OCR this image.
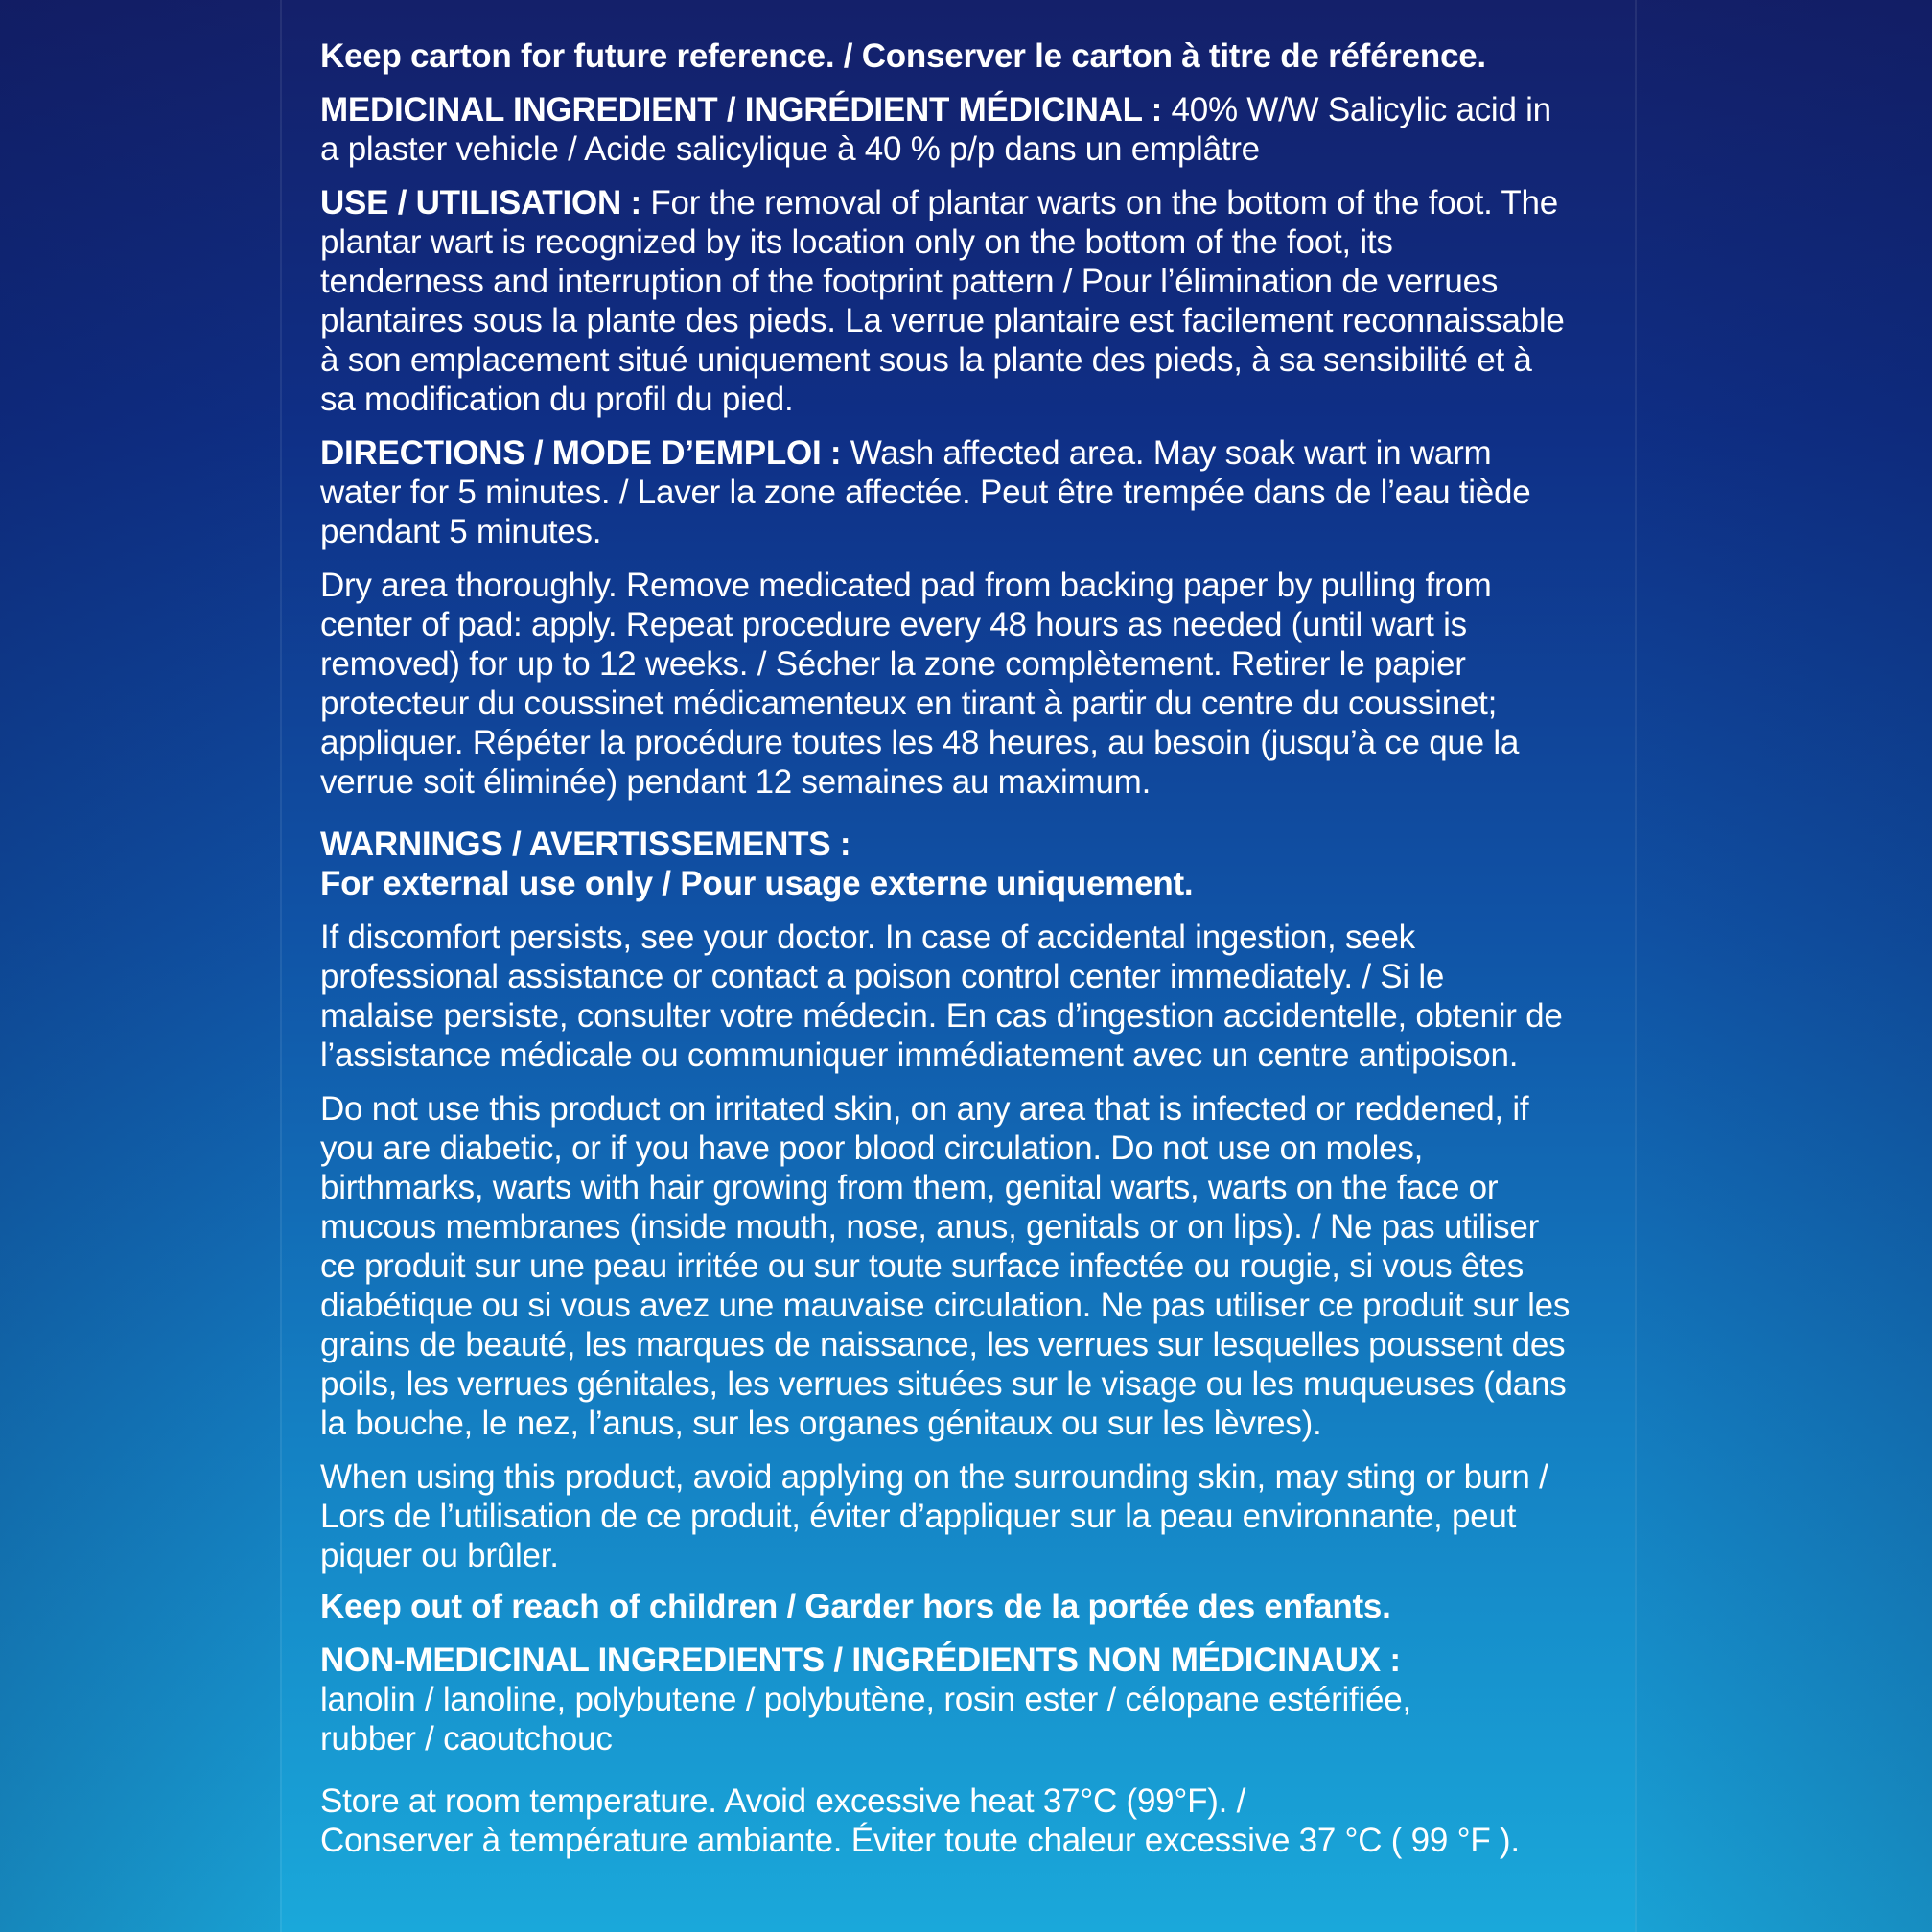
Keep carton for future reference. / Conserver le carton à titre de référence.
MEDICINAL INGREDIENT / INGRÉDIENT MÉDICINAL : 40% W/W Salicylic acid in
a plaster vehicle / Acide salicylique à 40 % p/p dans un emplâtre
USE / UTILISATION : For the removal of plantar warts on the bottom of the foot. The
plantar wart is recognized by its location only on the bottom of the foot, its
tenderness and interruption of the footprint pattern / Pour l’élimination de verrues
plantaires sous la plante des pieds. La verrue plantaire est facilement reconnaissable
à son emplacement situé uniquement sous la plante des pieds, à sa sensibilité et à
sa modification du profil du pied.
DIRECTIONS / MODE D’EMPLOI : Wash affected area. May soak wart in warm
water for 5 minutes. / Laver la zone affectée. Peut être trempée dans de l’eau tiède
pendant 5 minutes.
Dry area thoroughly. Remove medicated pad from backing paper by pulling from
center of pad: apply. Repeat procedure every 48 hours as needed (until wart is
removed) for up to 12 weeks. / Sécher la zone complètement. Retirer le papier
protecteur du coussinet médicamenteux en tirant à partir du centre du coussinet;
appliquer. Répéter la procédure toutes les 48 heures, au besoin (jusqu’à ce que la
verrue soit éliminée) pendant 12 semaines au maximum.
WARNINGS / AVERTISSEMENTS :
For external use only / Pour usage externe uniquement.
If discomfort persists, see your doctor. In case of accidental ingestion, seek
professional assistance or contact a poison control center immediately. / Si le
malaise persiste, consulter votre médecin. En cas d’ingestion accidentelle, obtenir de
l’assistance médicale ou communiquer immédiatement avec un centre antipoison.
Do not use this product on irritated skin, on any area that is infected or reddened, if
you are diabetic, or if you have poor blood circulation. Do not use on moles,
birthmarks, warts with hair growing from them, genital warts, warts on the face or
mucous membranes (inside mouth, nose, anus, genitals or on lips). / Ne pas utiliser
ce produit sur une peau irritée ou sur toute surface infectée ou rougie, si vous êtes
diabétique ou si vous avez une mauvaise circulation. Ne pas utiliser ce produit sur les
grains de beauté, les marques de naissance, les verrues sur lesquelles poussent des
poils, les verrues génitales, les verrues situées sur le visage ou les muqueuses (dans
la bouche, le nez, l’anus, sur les organes génitaux ou sur les lèvres).
When using this product, avoid applying on the surrounding skin, may sting or burn /
Lors de l’utilisation de ce produit, éviter d’appliquer sur la peau environnante, peut
piquer ou brûler.
Keep out of reach of children / Garder hors de la portée des enfants.
NON-MEDICINAL INGREDIENTS / INGRÉDIENTS NON MÉDICINAUX :
lanolin / lanoline, polybutene / polybutène, rosin ester / célopane estérifiée,
rubber / caoutchouc
Store at room temperature. Avoid excessive heat 37°C (99°F). /
Conserver à température ambiante. Éviter toute chaleur excessive 37 °C ( 99 °F ).
